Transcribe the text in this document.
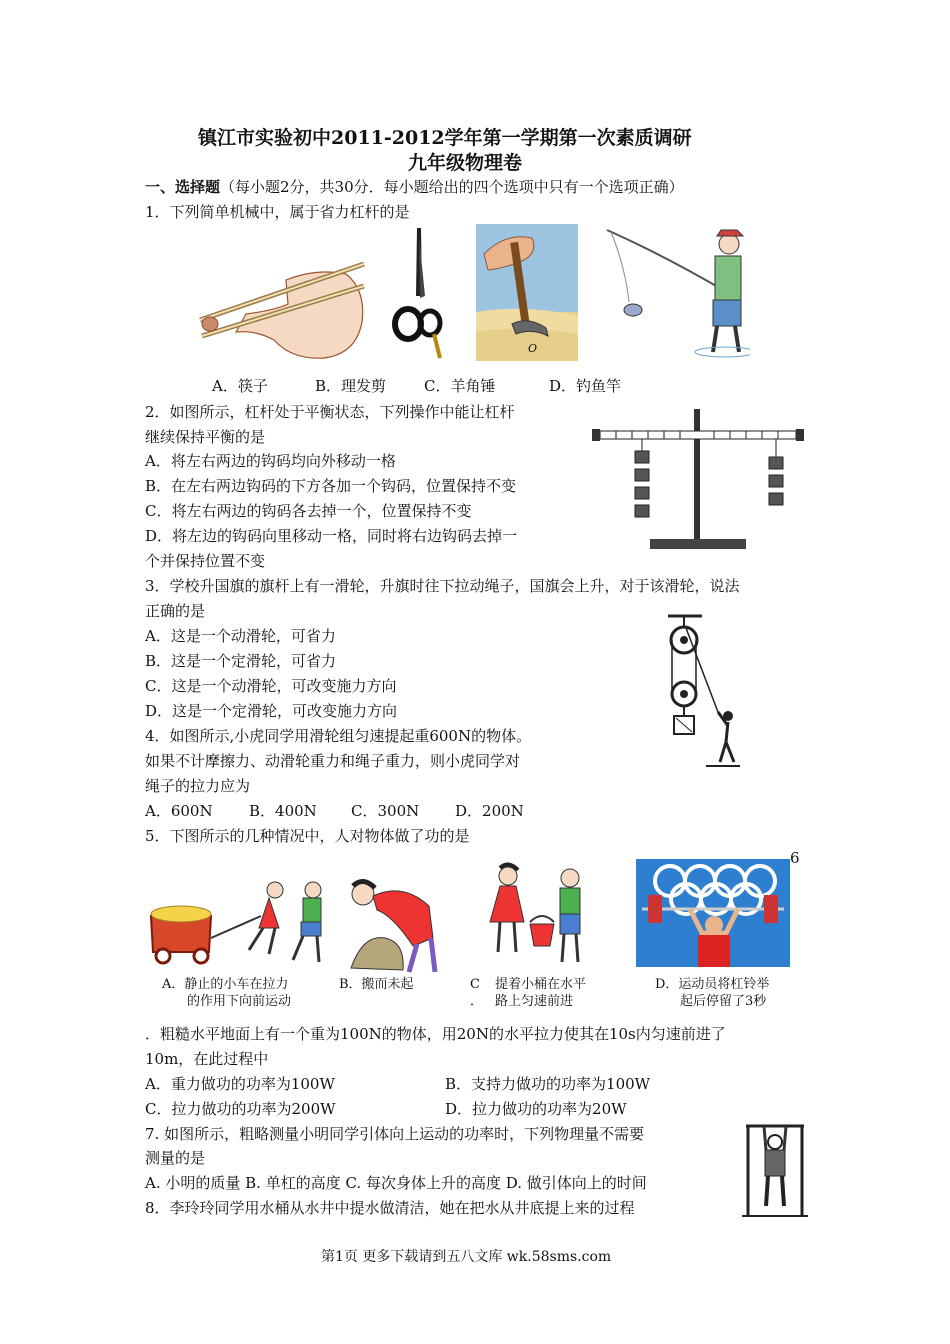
镇江市实验初中2011-2012学年第一学期第一次素质调研
九年级物理卷
一、选择题（每小题2分，共30分．每小题给出的四个选项中只有一个选项正确）
1．下列简单机械中，属于省力杠杆的是
O
A．筷子	B．理发剪	C．羊角锤	D．钓鱼竿
2．如图所示，杠杆处于平衡状态，下列操作中能让杠杆
继续保持平衡的是
A．将左右两边的钩码均向外移动一格
B．在左右两边钩码的下方各加一个钩码，位置保持不变
C．将左右两边的钩码各去掉一个，位置保持不变
D．将左边的钩码向里移动一格，同时将右边钩码去掉一
个并保持位置不变
3．学校升国旗的旗杆上有一滑轮，升旗时往下拉动绳子，国旗会上升，对于该滑轮，说法
正确的是
A．这是一个动滑轮，可省力
B．这是一个定滑轮，可省力
C．这是一个动滑轮，可改变施力方向
D．这是一个定滑轮，可改变施力方向
4．如图所示,小虎同学用滑轮组匀速提起重600N的物体。
如果不计摩擦力、动滑轮重力和绳子重力，则小虎同学对
绳子的拉力应为
A．600N B．400N C．300N D．200N
5．下图所示的几种情况中，人对物体做了功的是
6
A．静止的小车在拉力
的作用下向前运动
B．搬而未起	C
．
提着小桶在水平
路上匀速前进
D．运动员将杠铃举
起后停留了3秒
．粗糙水平地面上有一个重为100N的物体，用20N的水平拉力使其在10s内匀速前进了
10m，在此过程中
A．重力做功的功率为100W	B．支持力做功的功率为100W
C．拉力做功的功率为200W	D．拉力做功的功率为20W
7. 如图所示，粗略测量小明同学引体向上运动的功率时，下列物理量不需要
测量的是
A. 小明的质量 B. 单杠的高度 C. 每次身体上升的高度 D. 做引体向上的时间
8．李玲玲同学用水桶从水井中提水做清洁，她在把水从井底提上来的过程
第1页 更多下载请到五八文库 wk.58sms.com
